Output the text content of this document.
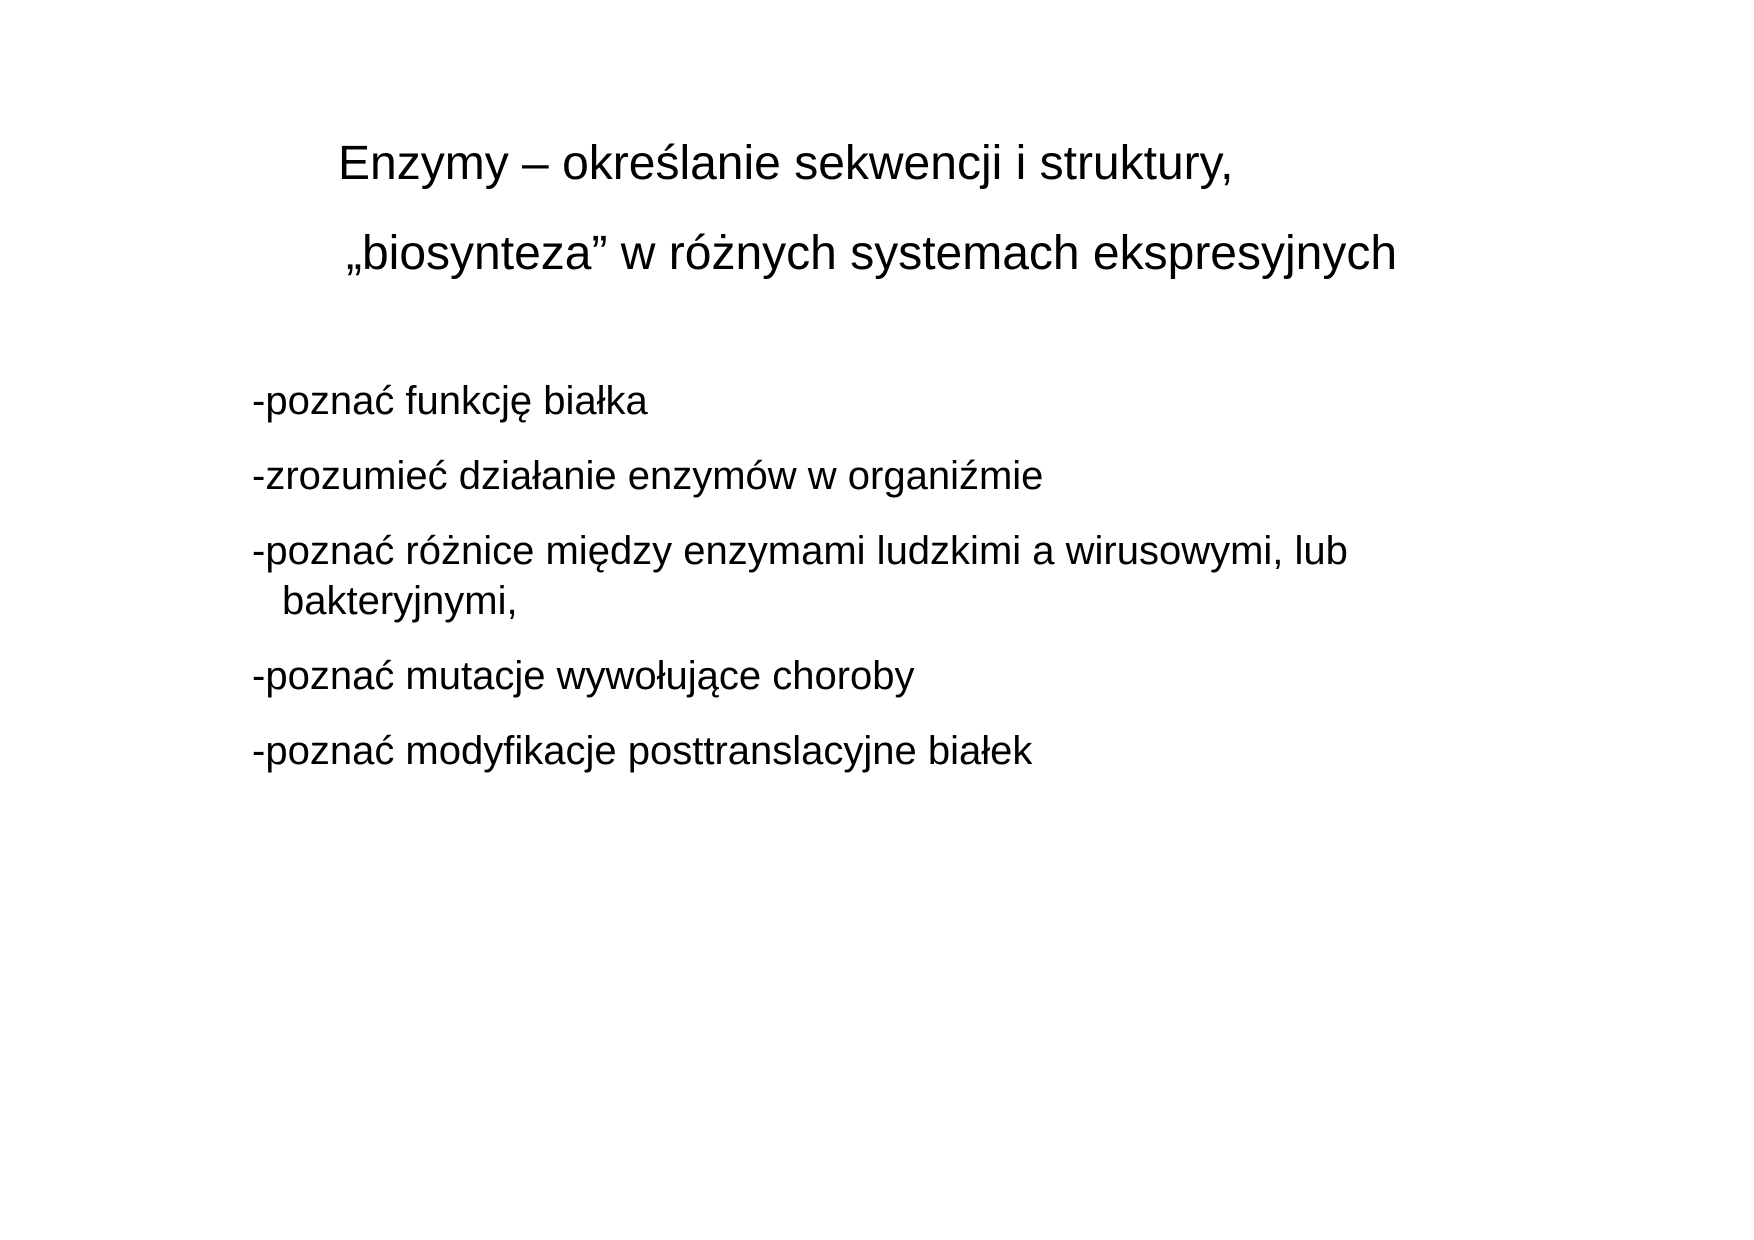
Enzymy – określanie sekwencji i struktury,
„biosynteza” w różnych systemach ekspresyjnych
-poznać funkcję białka
-zrozumieć działanie enzymów w organiźmie
-poznać różnice między enzymami ludzkimi a wirusowymi, lub
bakteryjnymi,
-poznać mutacje wywołujące choroby
-poznać modyfikacje posttranslacyjne białek
